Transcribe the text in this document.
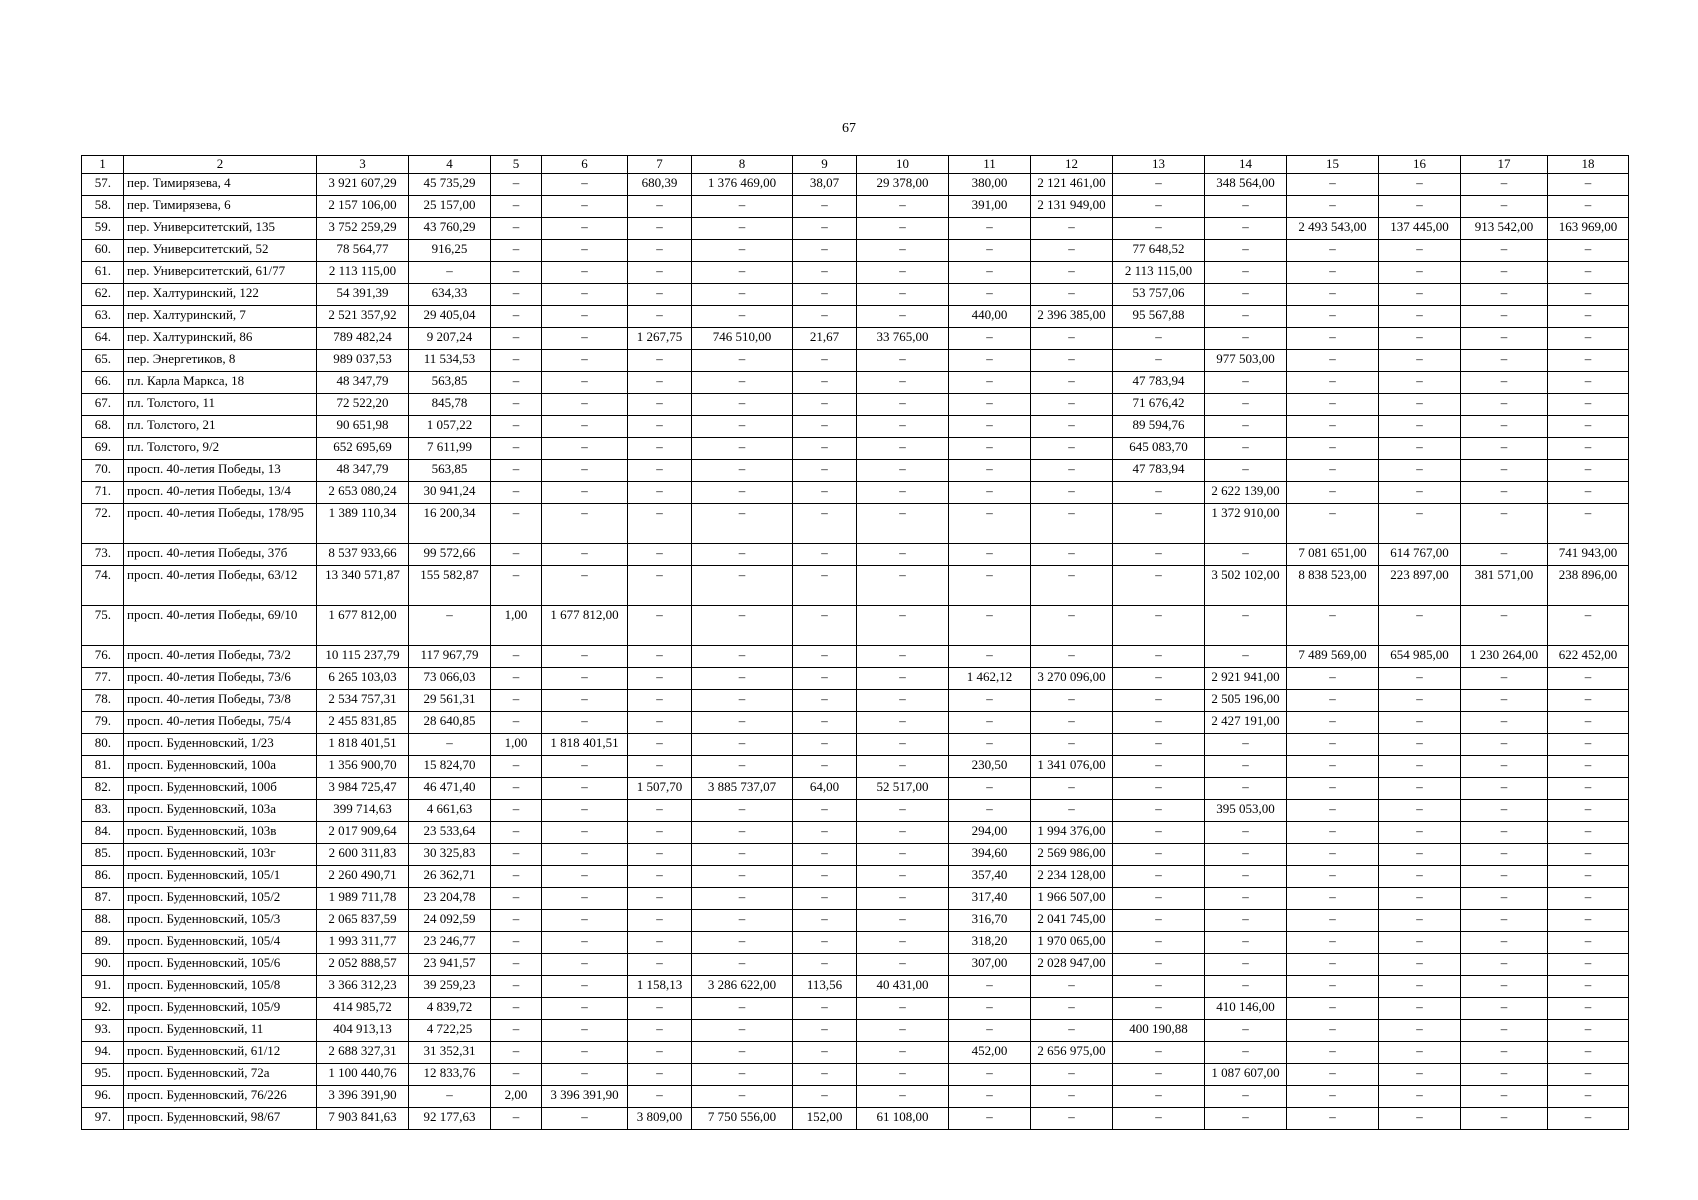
67
1	2	3	4	5	6	7	8	9	10	11	12	13	14	15	16	17	18
57.	пер. Тимирязева, 4	3 921 607,29	45 735,29	–	–	680,39	1 376 469,00	38,07	29 378,00	380,00	2 121 461,00	–	348 564,00	–	–	–	–
58.	пер. Тимирязева, 6	2 157 106,00	25 157,00	–	–	–	–	–	–	391,00	2 131 949,00	–	–	–	–	–	–
59.	пер. Университетский, 135	3 752 259,29	43 760,29	–	–	–	–	–	–	–	–	–	–	2 493 543,00	137 445,00	913 542,00	163 969,00
60.	пер. Университетский, 52	78 564,77	916,25	–	–	–	–	–	–	–	–	77 648,52	–	–	–	–	–
61.	пер. Университетский, 61/77	2 113 115,00	–	–	–	–	–	–	–	–	–	2 113 115,00	–	–	–	–	–
62.	пер. Халтуринский, 122	54 391,39	634,33	–	–	–	–	–	–	–	–	53 757,06	–	–	–	–	–
63.	пер. Халтуринский, 7	2 521 357,92	29 405,04	–	–	–	–	–	–	440,00	2 396 385,00	95 567,88	–	–	–	–	–
64.	пер. Халтуринский, 86	789 482,24	9 207,24	–	–	1 267,75	746 510,00	21,67	33 765,00	–	–	–	–	–	–	–	–
65.	пер. Энергетиков, 8	989 037,53	11 534,53	–	–	–	–	–	–	–	–	–	977 503,00	–	–	–	–
66.	пл. Карла Маркса, 18	48 347,79	563,85	–	–	–	–	–	–	–	–	47 783,94	–	–	–	–	–
67.	пл. Толстого, 11	72 522,20	845,78	–	–	–	–	–	–	–	–	71 676,42	–	–	–	–	–
68.	пл. Толстого, 21	90 651,98	1 057,22	–	–	–	–	–	–	–	–	89 594,76	–	–	–	–	–
69.	пл. Толстого, 9/2	652 695,69	7 611,99	–	–	–	–	–	–	–	–	645 083,70	–	–	–	–	–
70.	просп. 40-летия Победы, 13	48 347,79	563,85	–	–	–	–	–	–	–	–	47 783,94	–	–	–	–	–
71.	просп. 40-летия Победы, 13/4	2 653 080,24	30 941,24	–	–	–	–	–	–	–	–	–	2 622 139,00	–	–	–	–
72.	просп. 40-летия Победы, 178/95	1 389 110,34	16 200,34	–	–	–	–	–	–	–	–	–	1 372 910,00	–	–	–	–
73.	просп. 40-летия Победы, 37б	8 537 933,66	99 572,66	–	–	–	–	–	–	–	–	–	–	7 081 651,00	614 767,00	–	741 943,00
74.	просп. 40-летия Победы, 63/12	13 340 571,87	155 582,87	–	–	–	–	–	–	–	–	–	3 502 102,00	8 838 523,00	223 897,00	381 571,00	238 896,00
75.	просп. 40-летия Победы, 69/10	1 677 812,00	–	1,00	1 677 812,00	–	–	–	–	–	–	–	–	–	–	–	–
76.	просп. 40-летия Победы, 73/2	10 115 237,79	117 967,79	–	–	–	–	–	–	–	–	–	–	7 489 569,00	654 985,00	1 230 264,00	622 452,00
77.	просп. 40-летия Победы, 73/6	6 265 103,03	73 066,03	–	–	–	–	–	–	1 462,12	3 270 096,00	–	2 921 941,00	–	–	–	–
78.	просп. 40-летия Победы, 73/8	2 534 757,31	29 561,31	–	–	–	–	–	–	–	–	–	2 505 196,00	–	–	–	–
79.	просп. 40-летия Победы, 75/4	2 455 831,85	28 640,85	–	–	–	–	–	–	–	–	–	2 427 191,00	–	–	–	–
80.	просп. Буденновский, 1/23	1 818 401,51	–	1,00	1 818 401,51	–	–	–	–	–	–	–	–	–	–	–	–
81.	просп. Буденновский, 100а	1 356 900,70	15 824,70	–	–	–	–	–	–	230,50	1 341 076,00	–	–	–	–	–	–
82.	просп. Буденновский, 100б	3 984 725,47	46 471,40	–	–	1 507,70	3 885 737,07	64,00	52 517,00	–	–	–	–	–	–	–	–
83.	просп. Буденновский, 103а	399 714,63	4 661,63	–	–	–	–	–	–	–	–	–	395 053,00	–	–	–	–
84.	просп. Буденновский, 103в	2 017 909,64	23 533,64	–	–	–	–	–	–	294,00	1 994 376,00	–	–	–	–	–	–
85.	просп. Буденновский, 103г	2 600 311,83	30 325,83	–	–	–	–	–	–	394,60	2 569 986,00	–	–	–	–	–	–
86.	просп. Буденновский, 105/1	2 260 490,71	26 362,71	–	–	–	–	–	–	357,40	2 234 128,00	–	–	–	–	–	–
87.	просп. Буденновский, 105/2	1 989 711,78	23 204,78	–	–	–	–	–	–	317,40	1 966 507,00	–	–	–	–	–	–
88.	просп. Буденновский, 105/3	2 065 837,59	24 092,59	–	–	–	–	–	–	316,70	2 041 745,00	–	–	–	–	–	–
89.	просп. Буденновский, 105/4	1 993 311,77	23 246,77	–	–	–	–	–	–	318,20	1 970 065,00	–	–	–	–	–	–
90.	просп. Буденновский, 105/6	2 052 888,57	23 941,57	–	–	–	–	–	–	307,00	2 028 947,00	–	–	–	–	–	–
91.	просп. Буденновский, 105/8	3 366 312,23	39 259,23	–	–	1 158,13	3 286 622,00	113,56	40 431,00	–	–	–	–	–	–	–	–
92.	просп. Буденновский, 105/9	414 985,72	4 839,72	–	–	–	–	–	–	–	–	–	410 146,00	–	–	–	–
93.	просп. Буденновский, 11	404 913,13	4 722,25	–	–	–	–	–	–	–	–	400 190,88	–	–	–	–	–
94.	просп. Буденновский, 61/12	2 688 327,31	31 352,31	–	–	–	–	–	–	452,00	2 656 975,00	–	–	–	–	–	–
95.	просп. Буденновский, 72а	1 100 440,76	12 833,76	–	–	–	–	–	–	–	–	–	1 087 607,00	–	–	–	–
96.	просп. Буденновский, 76/226	3 396 391,90	–	2,00	3 396 391,90	–	–	–	–	–	–	–	–	–	–	–	–
97.	просп. Буденновский, 98/67	7 903 841,63	92 177,63	–	–	3 809,00	7 750 556,00	152,00	61 108,00	–	–	–	–	–	–	–	–
